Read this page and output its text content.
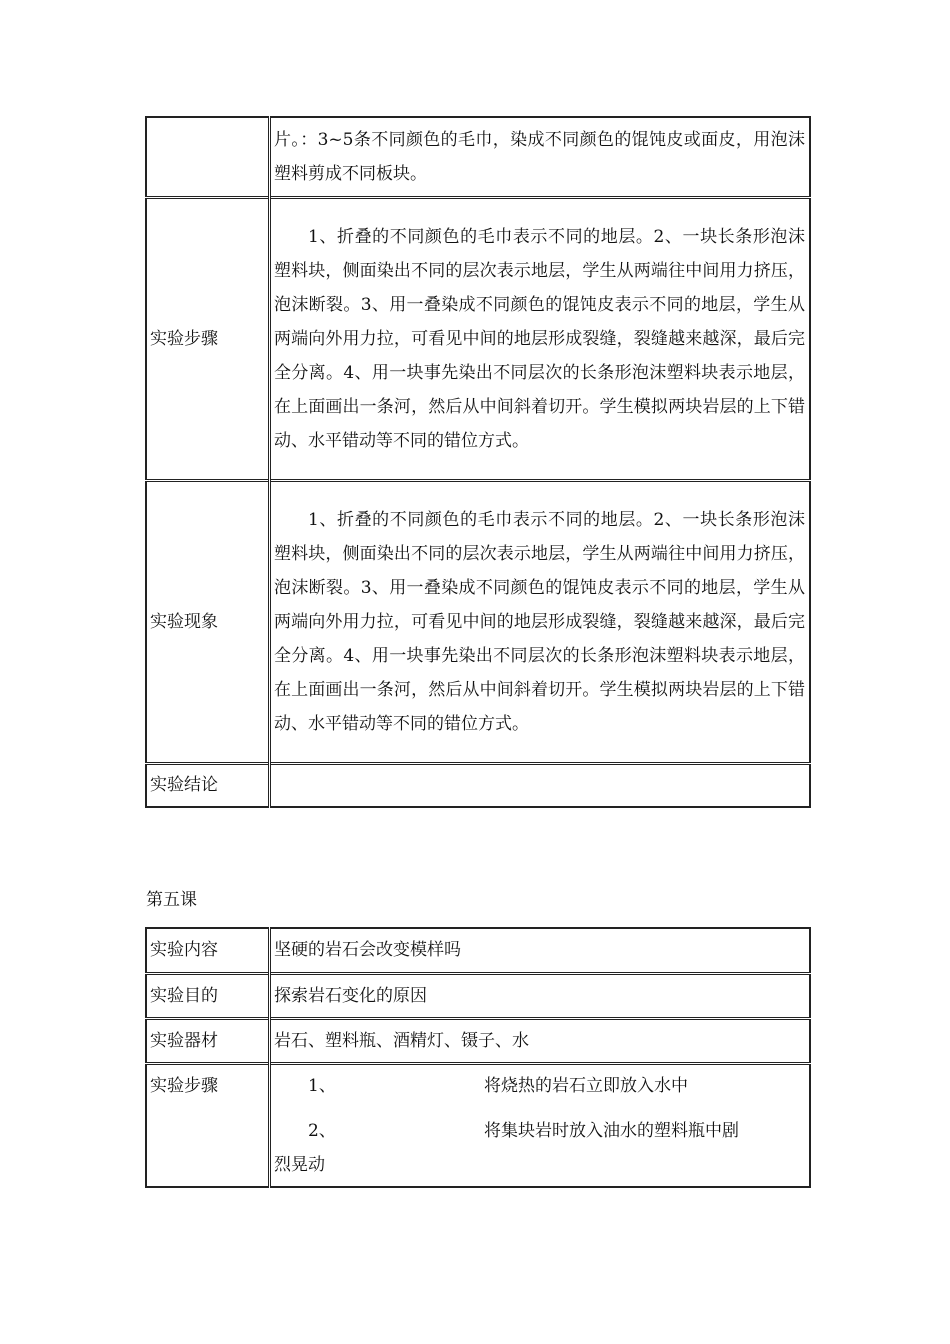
	片。：3~5条不同颜色的毛巾，染成不同颜色的馄饨皮或面皮，用泡沫塑料剪成不同板块。
实验步骤	1、折叠的不同颜色的毛巾表示不同的地层。2、一块长条形泡沫塑料块，侧面染出不同的层次表示地层，学生从两端往中间用力挤压，泡沫断裂。3、用一叠染成不同颜色的馄饨皮表示不同的地层，学生从两端向外用力拉，可看见中间的地层形成裂缝，裂缝越来越深，最后完全分离。4、用一块事先染出不同层次的长条形泡沫塑料块表示地层，在上面画出一条河，然后从中间斜着切开。学生模拟两块岩层的上下错动、水平错动等不同的错位方式。

实验现象	1、折叠的不同颜色的毛巾表示不同的地层。2、一块长条形泡沫塑料块，侧面染出不同的层次表示地层，学生从两端往中间用力挤压，泡沫断裂。3、用一叠染成不同颜色的馄饨皮表示不同的地层，学生从两端向外用力拉，可看见中间的地层形成裂缝，裂缝越来越深，最后完全分离。4、用一块事先染出不同层次的长条形泡沫塑料块表示地层，在上面画出一条河，然后从中间斜着切开。学生模拟两块岩层的上下错动、水平错动等不同的错位方式。

实验结论	
第五课
实验内容	坚硬的岩石会改变模样吗
实验目的	探索岩石变化的原因
实验器材	岩石、塑料瓶、酒精灯、镊子、水
实验步骤	1、 将烧热的岩石立即放入水中
2、 将集块岩时放入油水的塑料瓶中剧
烈晃动
